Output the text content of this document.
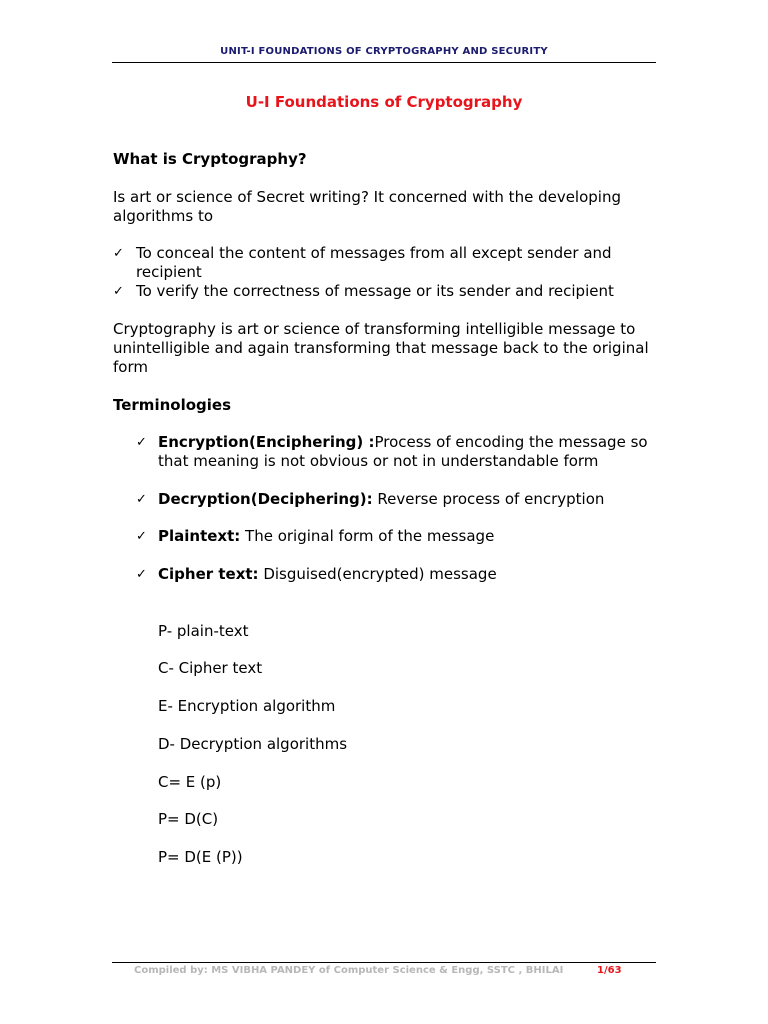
UNIT-I FOUNDATIONS OF CRYPTOGRAPHY AND SECURITY
U-I Foundations of Cryptography
What is Cryptography?
Is art or science of Secret writing? It concerned with the developing
algorithms to
✓ To conceal the content of messages from all except sender and
recipient
✓ To verify the correctness of message or its sender and recipient
Cryptography is art or science of transforming intelligible message to
unintelligible and again transforming that message back to the original
form
Terminologies
✓ Encryption(Enciphering) :Process of encoding the message so
that meaning is not obvious or not in understandable form
✓ Decryption(Deciphering): Reverse process of encryption
✓ Plaintext: The original form of the message
✓ Cipher text: Disguised(encrypted) message
P- plain-text
C- Cipher text
E- Encryption algorithm
D- Decryption algorithms
C= E (p)
P= D(C)
P= D(E (P))
Compiled by: MS VIBHA PANDEY of Computer Science & Engg, SSTC , BHILAI	1/63
